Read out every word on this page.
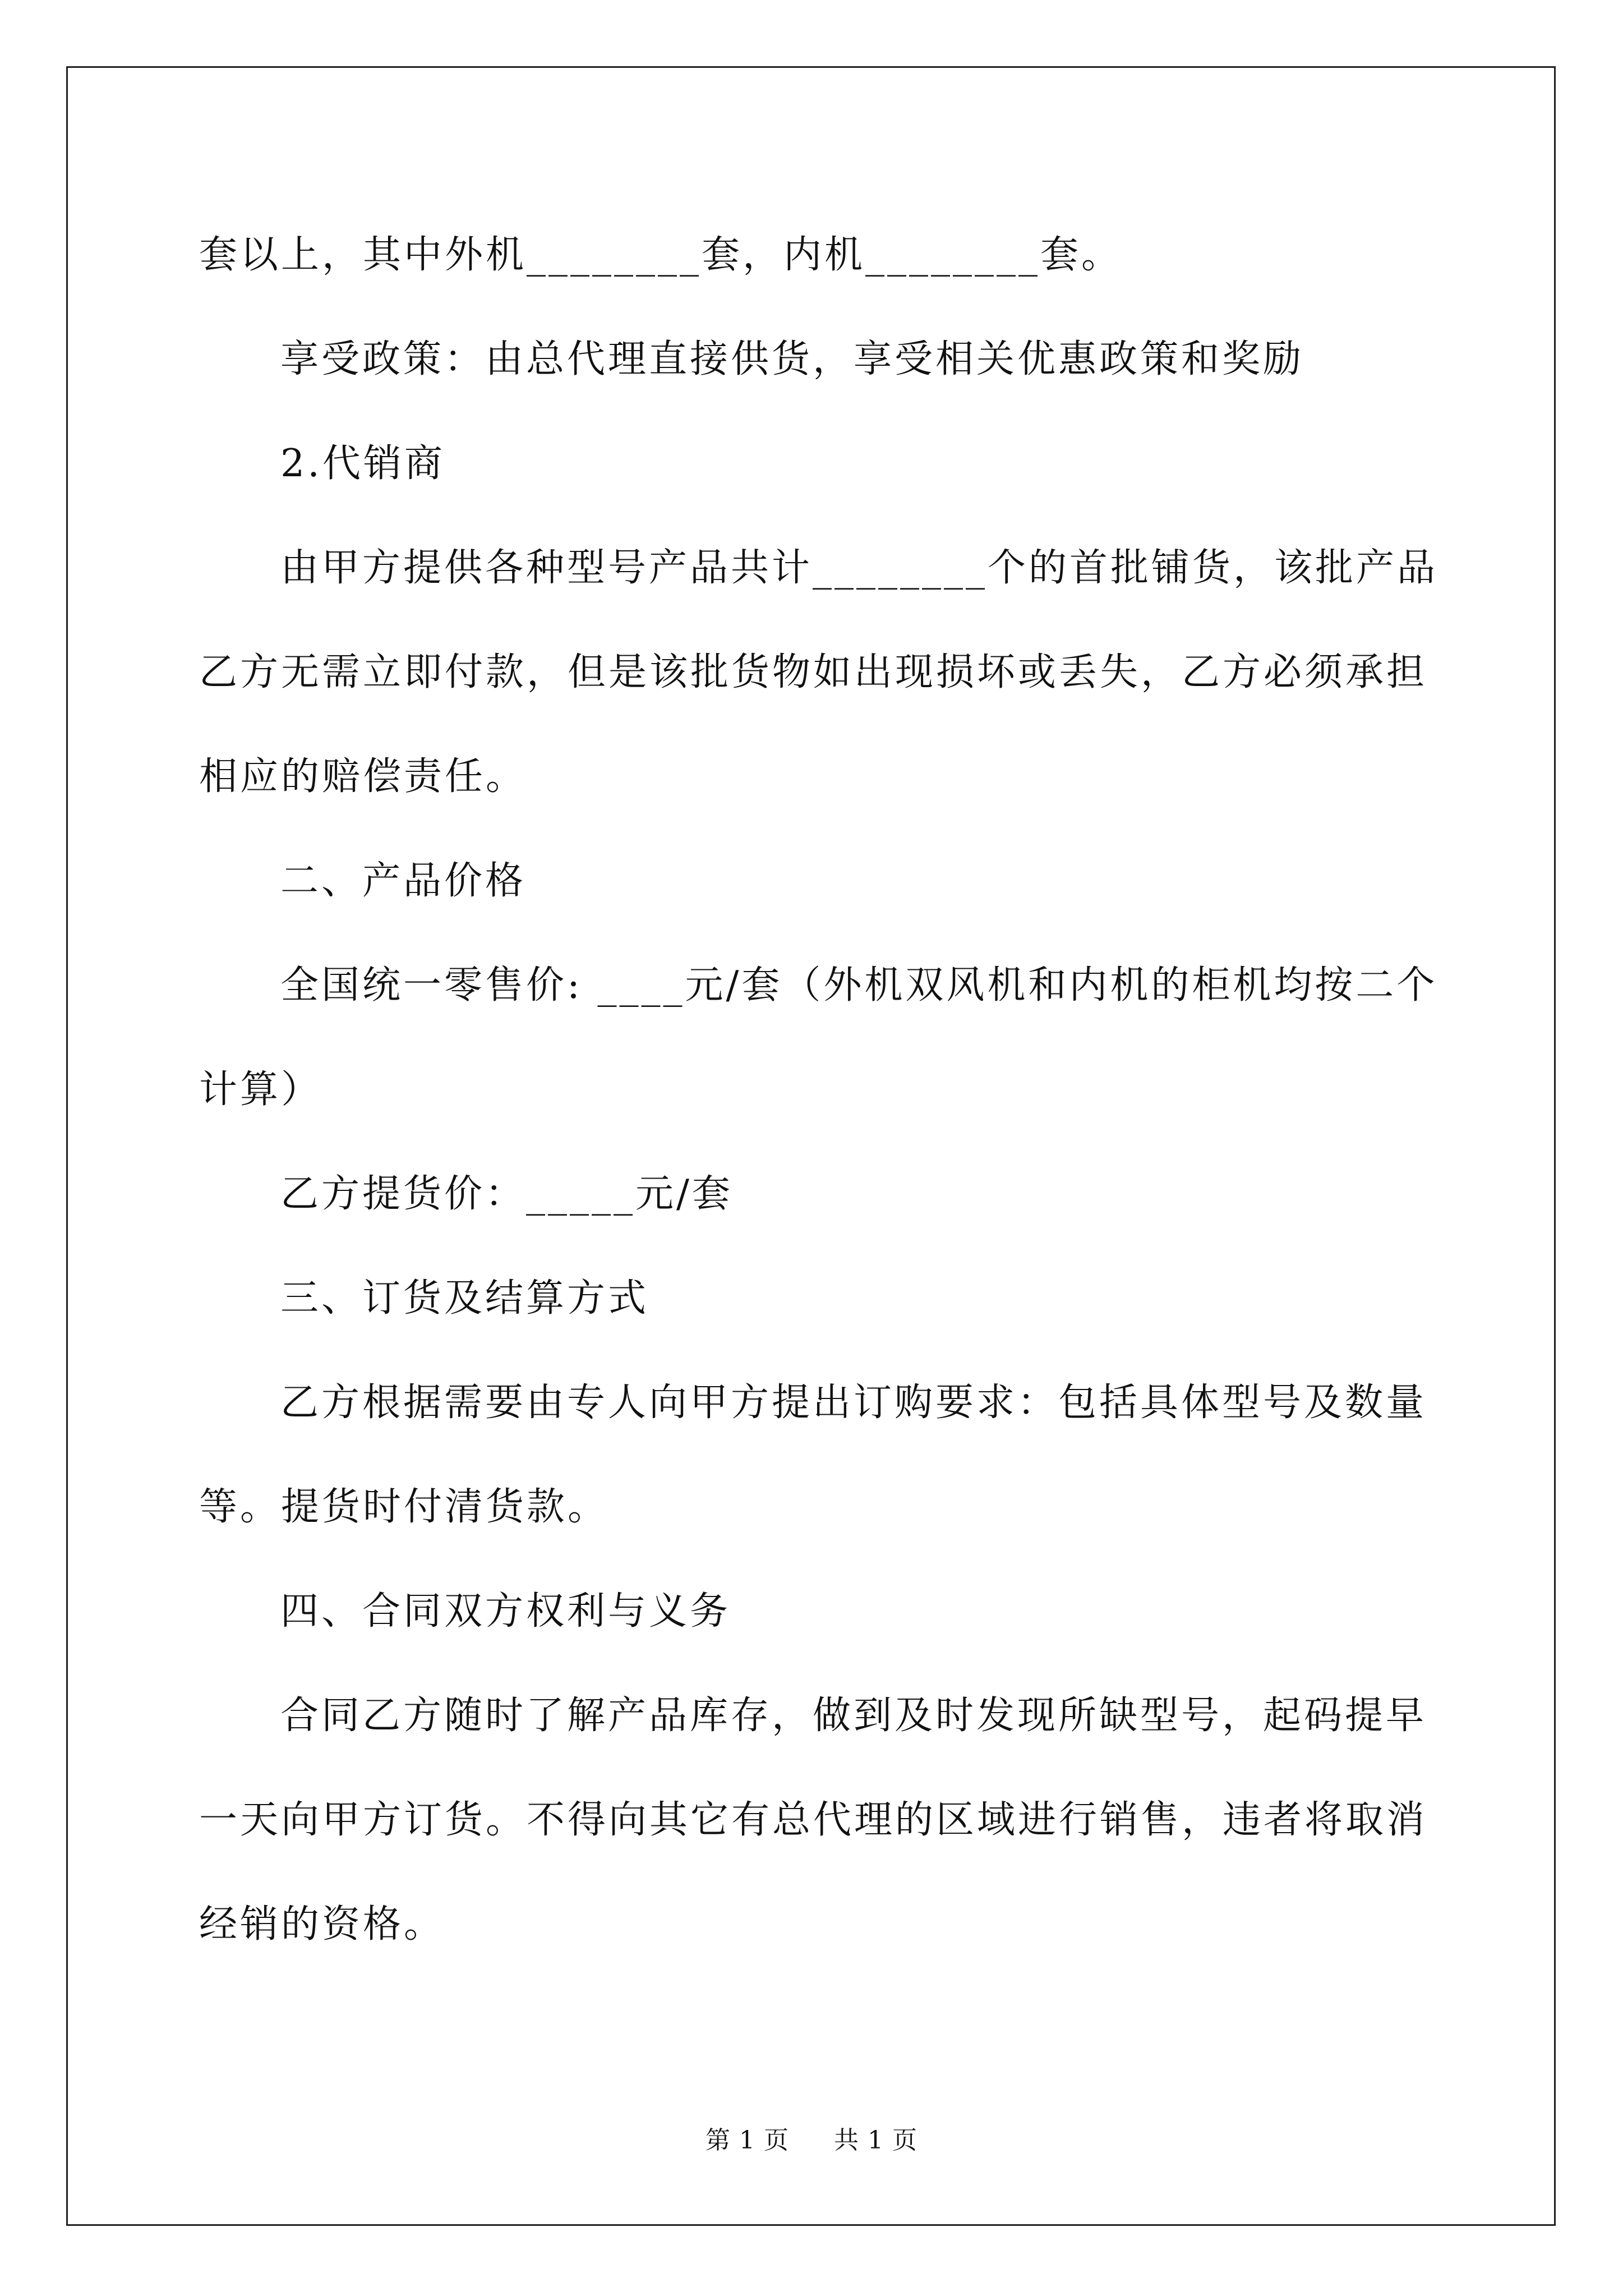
套以上，其中外机________套，内机________套。
享受政策：由总代理直接供货，享受相关优惠政策和奖励
2.代销商
由甲方提供各种型号产品共计________个的首批铺货，该批产品
乙方无需立即付款，但是该批货物如出现损坏或丢失，乙方必须承担
相应的赔偿责任。
二、产品价格
全国统一零售价: ____元/套（外机双风机和内机的柜机均按二个
计算）
乙方提货价：_____元/套
三、订货及结算方式
乙方根据需要由专人向甲方提出订购要求：包括具体型号及数量
等。提货时付清货款。
四、合同双方权利与义务
合同乙方随时了解产品库存，做到及时发现所缺型号，起码提早
一天向甲方订货。不得向其它有总代理的区域进行销售，违者将取消
经销的资格。
第 1 页 共 1 页
